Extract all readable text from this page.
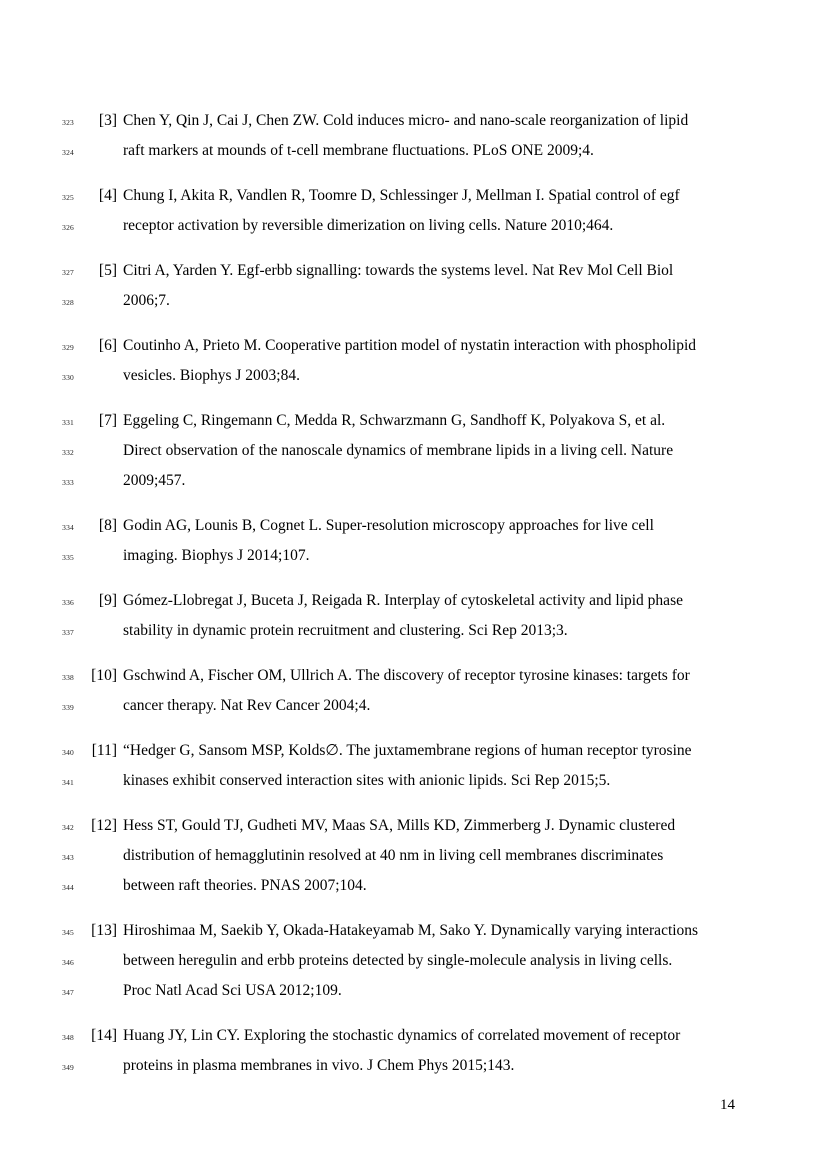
323	[3] Chen Y, Qin J, Cai J, Chen ZW. Cold induces micro- and nano-scale reorganization of lipid
324	raft markers at mounds of t-cell membrane fluctuations. PLoS ONE 2009;4.
325	[4] Chung I, Akita R, Vandlen R, Toomre D, Schlessinger J, Mellman I. Spatial control of egf
326	receptor activation by reversible dimerization on living cells. Nature 2010;464.
327	[5] Citri A, Yarden Y. Egf-erbb signalling: towards the systems level. Nat Rev Mol Cell Biol
328	2006;7.
329	[6] Coutinho A, Prieto M. Cooperative partition model of nystatin interaction with phospholipid
330	vesicles. Biophys J 2003;84.
331	[7] Eggeling C, Ringemann C, Medda R, Schwarzmann G, Sandhoff K, Polyakova S, et al.
332	Direct observation of the nanoscale dynamics of membrane lipids in a living cell. Nature
333	2009;457.
334	[8] Godin AG, Lounis B, Cognet L. Super-resolution microscopy approaches for live cell
335	imaging. Biophys J 2014;107.
336	[9] Gómez-Llobregat J, Buceta J, Reigada R. Interplay of cytoskeletal activity and lipid phase
337	stability in dynamic protein recruitment and clustering. Sci Rep 2013;3.
338	[10] Gschwind A, Fischer OM, Ullrich A. The discovery of receptor tyrosine kinases: targets for
339	cancer therapy. Nat Rev Cancer 2004;4.
340	[11] “Hedger G, Sansom MSP, Kolds∅. The juxtamembrane regions of human receptor tyrosine
341	kinases exhibit conserved interaction sites with anionic lipids. Sci Rep 2015;5.
342	[12] Hess ST, Gould TJ, Gudheti MV, Maas SA, Mills KD, Zimmerberg J. Dynamic clustered
343	distribution of hemagglutinin resolved at 40 nm in living cell membranes discriminates
344	between raft theories. PNAS 2007;104.
345	[13] Hiroshimaa M, Saekib Y, Okada-Hatakeyamab M, Sako Y. Dynamically varying interactions
346	between heregulin and erbb proteins detected by single-molecule analysis in living cells.
347	Proc Natl Acad Sci USA 2012;109.
348	[14] Huang JY, Lin CY. Exploring the stochastic dynamics of correlated movement of receptor
349	proteins in plasma membranes in vivo. J Chem Phys 2015;143.
14
